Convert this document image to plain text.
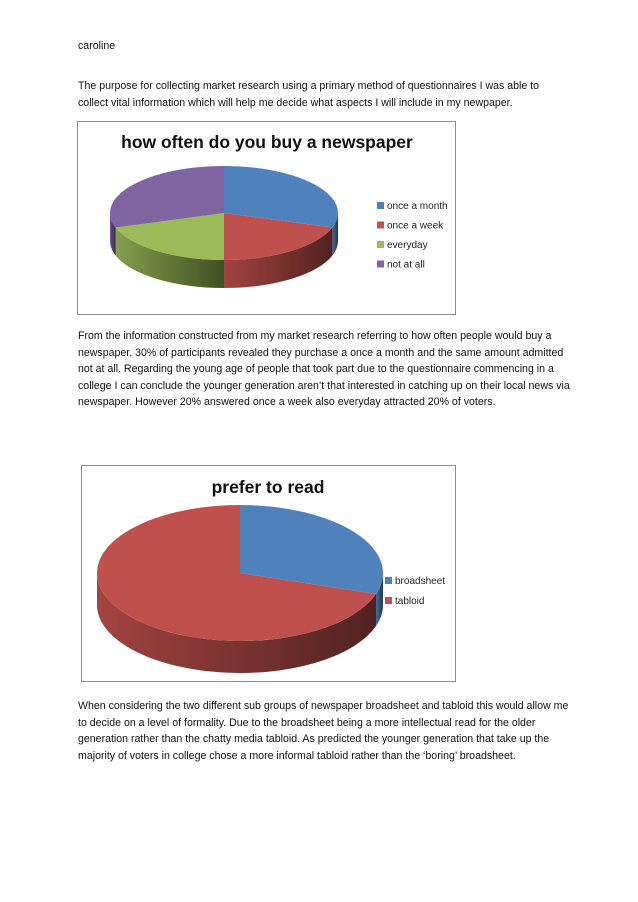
caroline
The purpose for collecting market research using a primary method of questionnaires I was able to collect vital information which will help me decide what aspects I will include in my newpaper.
how often do you buy a newspaper
once a month
once a week
everyday
not at all
From the information constructed from my market research referring to how often people would buy a newspaper. 30% of participants revealed they purchase a once a month and the same amount admitted not at all. Regarding the young age of people that took part due to the questionnaire commencing in a college I can conclude the younger generation aren’t that interested in catching up on their local news via newspaper. However 20% answered once a week also everyday attracted 20% of voters.
prefer to read
broadsheet
tabloid
When considering the two different sub groups of newspaper broadsheet and tabloid this would allow me to decide on a level of formality. Due to the broadsheet being a more intellectual read for the older generation rather than the chatty media tabloid. As predicted the younger generation that take up the majority of voters in college chose a more informal tabloid rather than the ‘boring’ broadsheet.
